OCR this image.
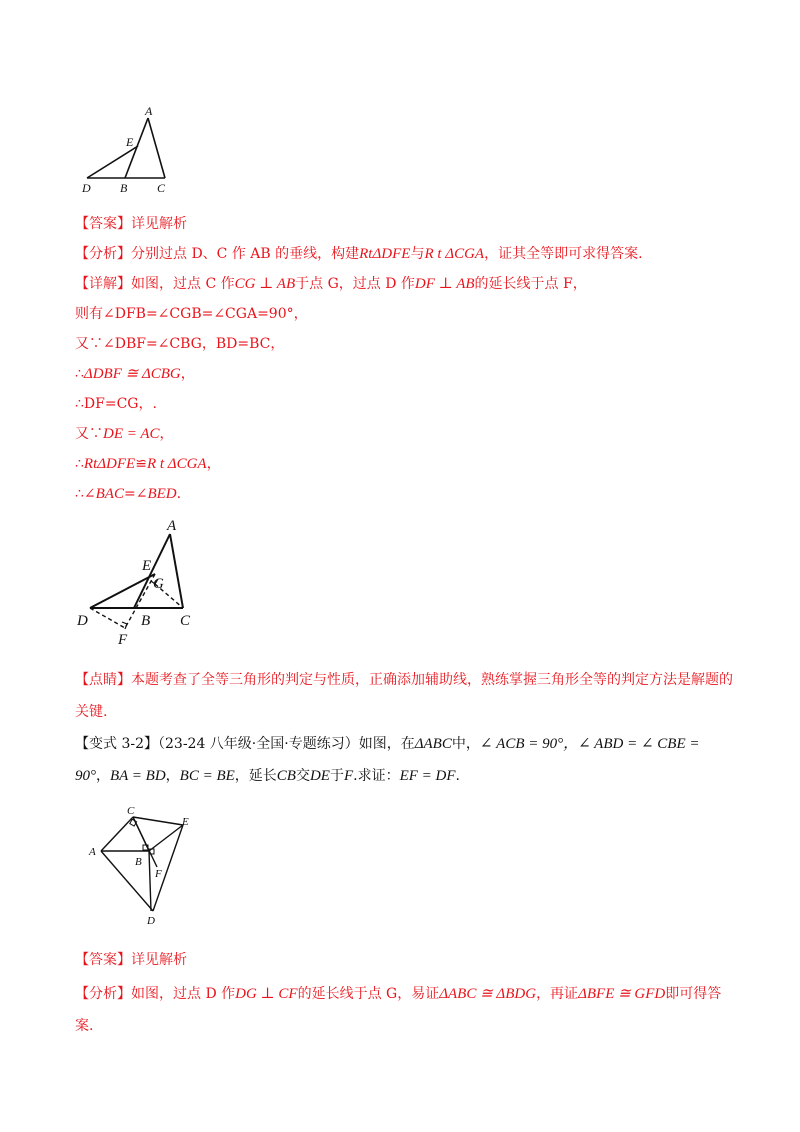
A
E
D B C
【答案】详见解析
【分析】分别过点 D、C 作 AB 的垂线，构建RtΔDFE与R t ΔCGA，证其全等即可求得答案.
【详解】如图，过点 C 作CG ⊥ AB于点 G，过点 D 作DF ⊥ AB的延长线于点 F，
则有∠DFB=∠CGB=∠CGA=90°，
又∵∠DBF=∠CBG，BD=BC，
∴ΔDBF ≅ ΔCBG，
∴DF=CG，.
又∵DE = AC，
∴RtΔDFE≌R t ΔCGA，
∴∠BAC=∠BED.
A
E
G
D	B C
F
【点睛】本题考查了全等三角形的判定与性质，正确添加辅助线，熟练掌握三角形全等的判定方法是解题的关键.
【变式 3-2】（23-24 八年级·全国·专题练习）如图，在ΔABC中，∠ ACB = 90°，∠ ABD = ∠ CBE = 90°，BA = BD，BC = BE，延长CB交DE于F.求证：EF = DF.
C
E
A
B
F
D
【答案】详见解析
【分析】如图，过点 D 作DG ⊥ CF的延长线于点 G，易证ΔABC ≅ ΔBDG，再证ΔBFE ≅ GFD即可得答案.
